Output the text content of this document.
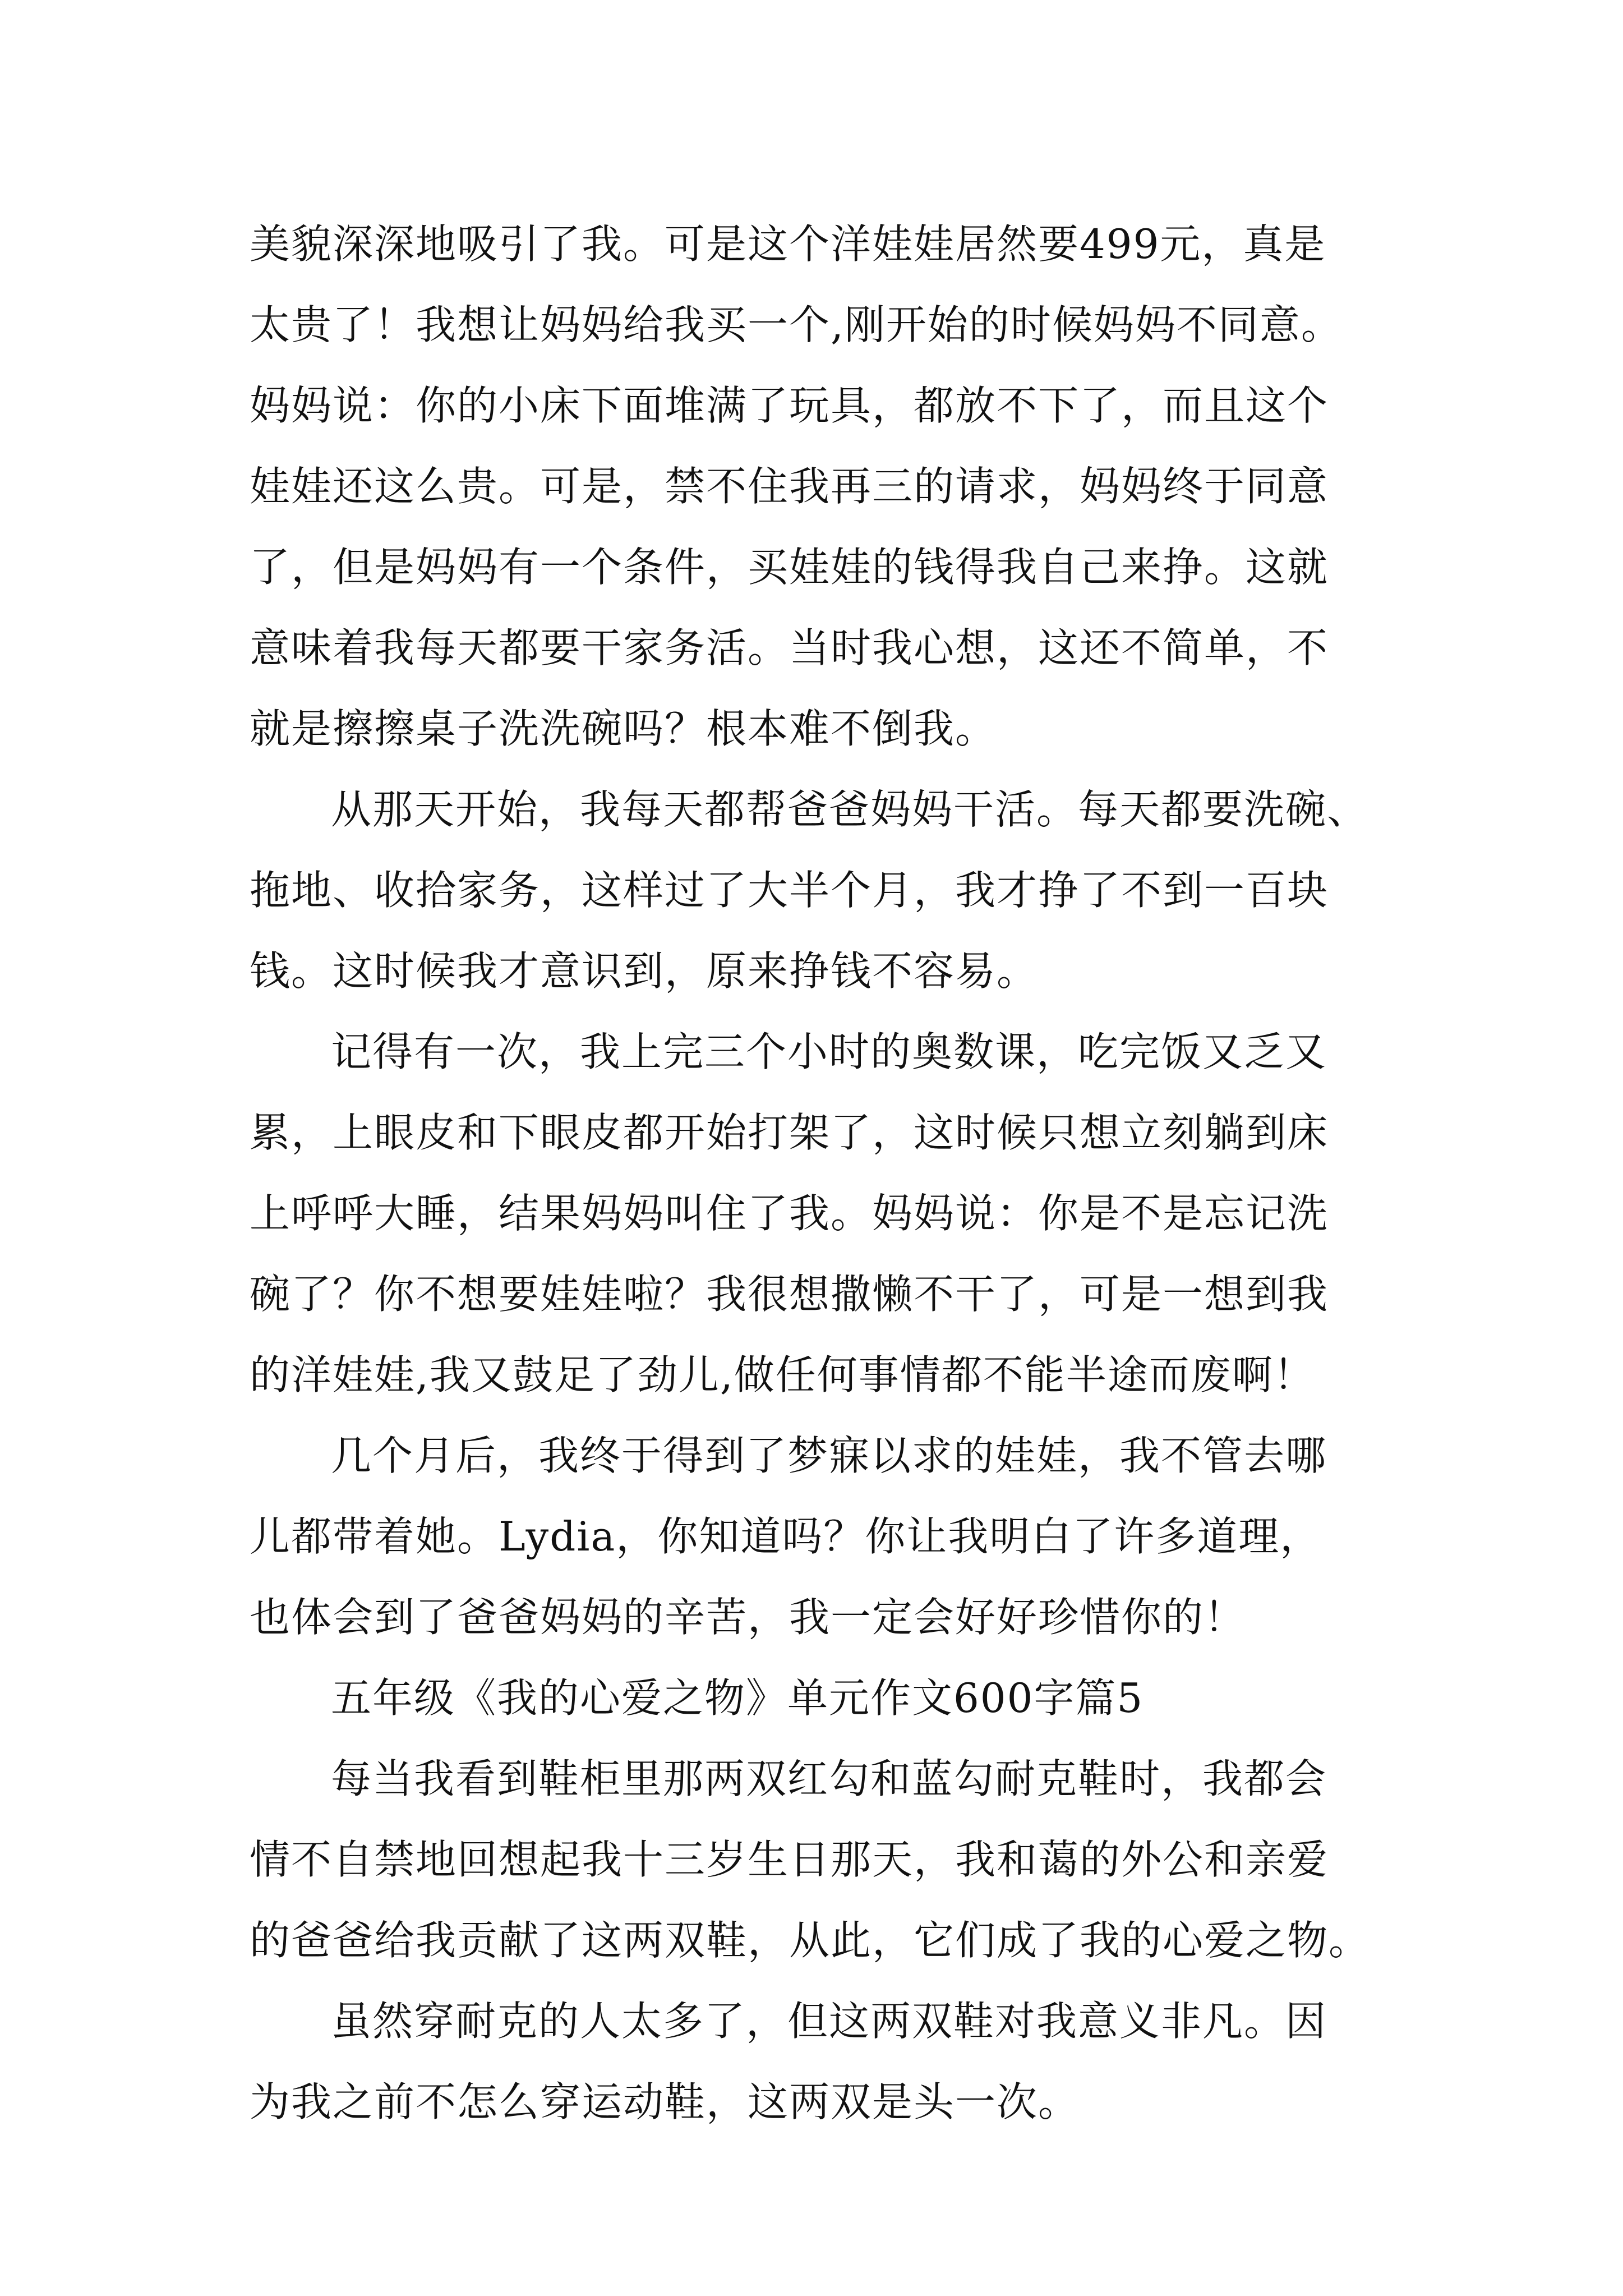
美貌深深地吸引了我。可是这个洋娃娃居然要499元，真是
太贵了！我想让妈妈给我买一个,刚开始的时候妈妈不同意。
妈妈说：你的小床下面堆满了玩具，都放不下了，而且这个
娃娃还这么贵。可是，禁不住我再三的请求，妈妈终于同意
了，但是妈妈有一个条件，买娃娃的钱得我自己来挣。这就
意味着我每天都要干家务活。当时我心想，这还不简单，不
就是擦擦桌子洗洗碗吗？根本难不倒我。
从那天开始，我每天都帮爸爸妈妈干活。每天都要洗碗、
拖地、收拾家务，这样过了大半个月，我才挣了不到一百块
钱。这时候我才意识到，原来挣钱不容易。
记得有一次，我上完三个小时的奥数课，吃完饭又乏又
累，上眼皮和下眼皮都开始打架了，这时候只想立刻躺到床
上呼呼大睡，结果妈妈叫住了我。妈妈说：你是不是忘记洗
碗了？你不想要娃娃啦？我很想撒懒不干了，可是一想到我
的洋娃娃,我又鼓足了劲儿,做任何事情都不能半途而废啊！
几个月后，我终于得到了梦寐以求的娃娃，我不管去哪
儿都带着她。Lydia，你知道吗？你让我明白了许多道理，
也体会到了爸爸妈妈的辛苦，我一定会好好珍惜你的！
五年级《我的心爱之物》单元作文600字篇5
每当我看到鞋柜里那两双红勾和蓝勾耐克鞋时，我都会
情不自禁地回想起我十三岁生日那天，我和蔼的外公和亲爱
的爸爸给我贡献了这两双鞋，从此，它们成了我的心爱之物。
虽然穿耐克的人太多了，但这两双鞋对我意义非凡。因
为我之前不怎么穿运动鞋，这两双是头一次。
